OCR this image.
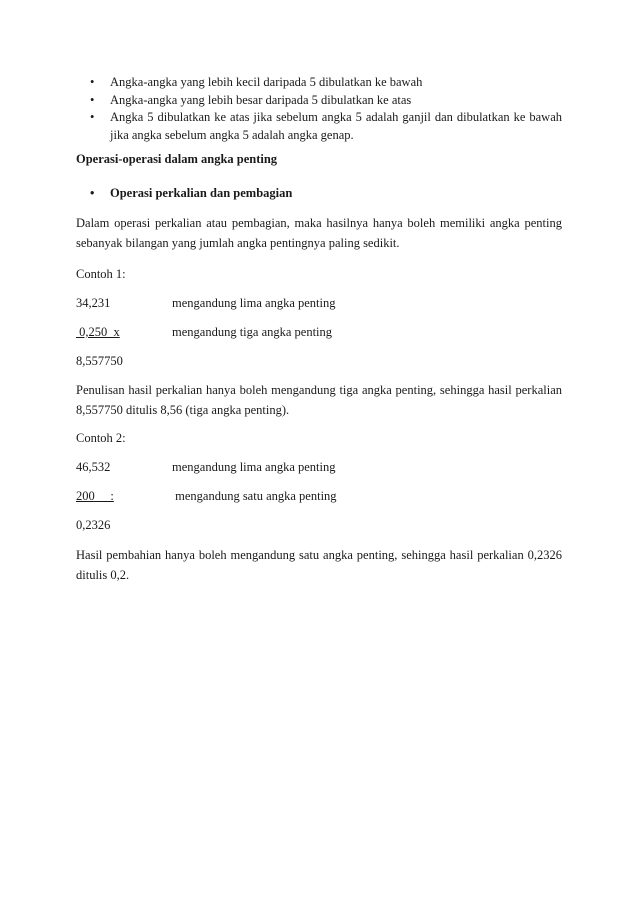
• Angka-angka yang lebih kecil daripada 5 dibulatkan ke bawah
• Angka-angka yang lebih besar daripada 5 dibulatkan ke atas
• Angka 5 dibulatkan ke atas jika sebelum angka 5 adalah ganjil dan dibulatkan ke bawah jika angka sebelum angka 5 adalah angka genap.
Operasi-operasi dalam angka penting
• Operasi perkalian dan pembagian
Dalam operasi perkalian atau pembagian, maka hasilnya hanya boleh memiliki angka penting sebanyak bilangan yang jumlah angka pentingnya paling sedikit.
Contoh 1:
34,231	mengandung lima angka penting
0,250  x	mengandung tiga angka penting
8,557750
Penulisan hasil perkalian hanya boleh mengandung tiga angka penting, sehingga hasil perkalian 8,557750 ditulis 8,56 (tiga angka penting).
Contoh 2:
46,532	mengandung lima angka penting
200     :	mengandung satu angka penting
0,2326
Hasil pembahian hanya boleh mengandung satu angka penting, sehingga hasil perkalian 0,2326 ditulis 0,2.
